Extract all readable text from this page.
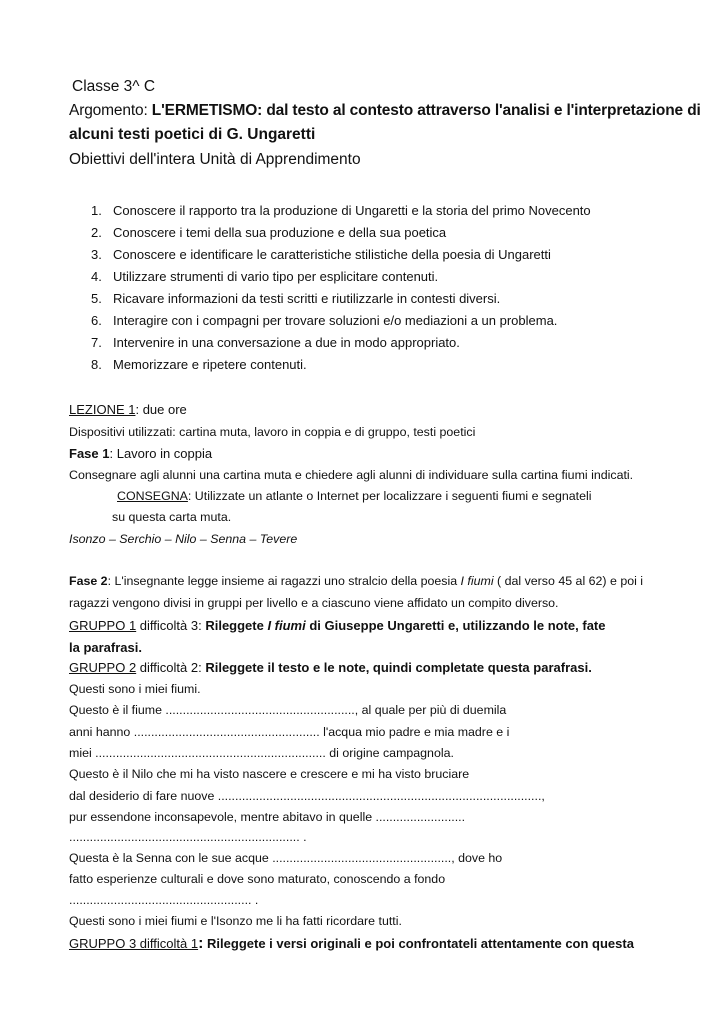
Classe 3^ C
Argomento: L'ERMETISMO: dal testo al contesto attraverso l'analisi e l'interpretazione di
alcuni testi poetici di G. Ungaretti
Obiettivi dell'intera Unità di Apprendimento
1. Conoscere il rapporto tra la produzione di Ungaretti e la storia del primo Novecento
2. Conoscere i temi della sua produzione e della sua poetica
3. Conoscere e identificare le caratteristiche stilistiche della poesia di Ungaretti
4. Utilizzare strumenti di vario tipo per esplicitare contenuti.
5. Ricavare informazioni da testi scritti e riutilizzarle in contesti diversi.
6. Interagire con i compagni per trovare soluzioni e/o mediazioni a un problema.
7. Intervenire in una conversazione a due in modo appropriato.
8. Memorizzare e ripetere contenuti.
LEZIONE 1: due ore
Dispositivi utilizzati: cartina muta, lavoro in coppia e di gruppo, testi poetici
Fase 1: Lavoro in coppia
Consegnare agli alunni una cartina muta e chiedere agli alunni di individuare sulla cartina fiumi indicati.
CONSEGNA: Utilizzate un atlante o Internet per localizzare i seguenti fiumi e segnateli
su questa carta muta.
Isonzo – Serchio – Nilo – Senna – Tevere
Fase 2: L'insegnante legge insieme ai ragazzi uno stralcio della poesia I fiumi ( dal verso 45 al 62) e poi i
ragazzi vengono divisi in gruppi per livello e a ciascuno viene affidato un compito diverso.
GRUPPO 1 difficoltà 3: Rileggete I fiumi di Giuseppe Ungaretti e, utilizzando le note, fate
la parafrasi.
GRUPPO 2 difficoltà 2: Rileggete il testo e le note, quindi completate questa parafrasi.
Questi sono i miei fiumi.
Questo è il fiume ......................................................., al quale per più di duemila
anni hanno ...................................................... l'acqua mio padre e mia madre e i
miei ................................................................... di origine campagnola.
Questo è il Nilo che mi ha visto nascere e crescere e mi ha visto bruciare
dal desiderio di fare nuove ..............................................................................................,
pur essendone inconsapevole, mentre abitavo in quelle ..........................
................................................................... .
Questa è la Senna con le sue acque ...................................................., dove ho
fatto esperienze culturali e dove sono maturato, conoscendo a fondo
..................................................... .
Questi sono i miei fiumi e l'Isonzo me li ha fatti ricordare tutti.
GRUPPO 3 difficoltà 1: Rileggete i versi originali e poi confrontateli attentamente con questa
